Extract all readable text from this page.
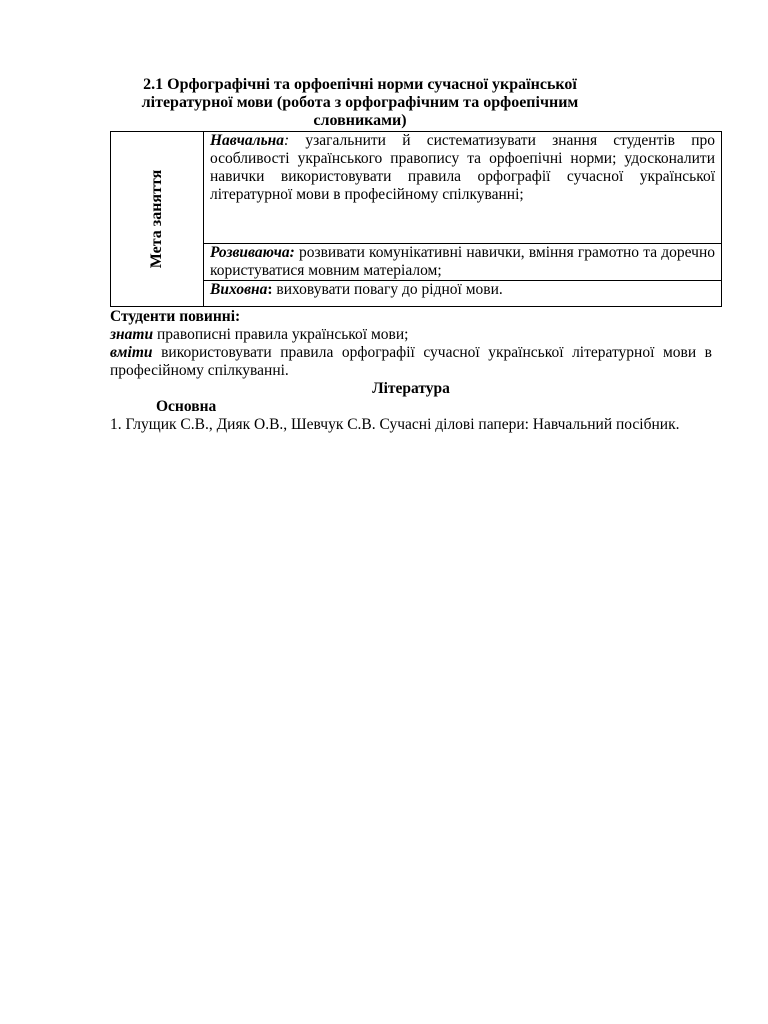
2.1 Орфографічні та орфоепічні норми сучасної української
літературної мови (робота з орфографічним та орфоепічним
словниками)

Мета заняття
	Навчальна: узагальнити й систематизувати знання студентів про особливості українського правопису та орфоепічні норми; удосконалити навички використовувати правила орфографії сучасної української літературної мови в професійному спілкуванні;
Розвиваюча: розвивати комунікативні навички, вміння грамотно та доречно користуватися мовним матеріалом;
Виховна: виховувати повагу до рідної мови.

Студенти повинні:

знати правописні правила української мови;

вміти використовувати правила орфографії сучасної української літературної мови в професійному спілкуванні.

Література

Основна

1. Глущик С.В., Дияк О.В., Шевчук С.В. Сучасні ділові папери: Навчальний посібник.
